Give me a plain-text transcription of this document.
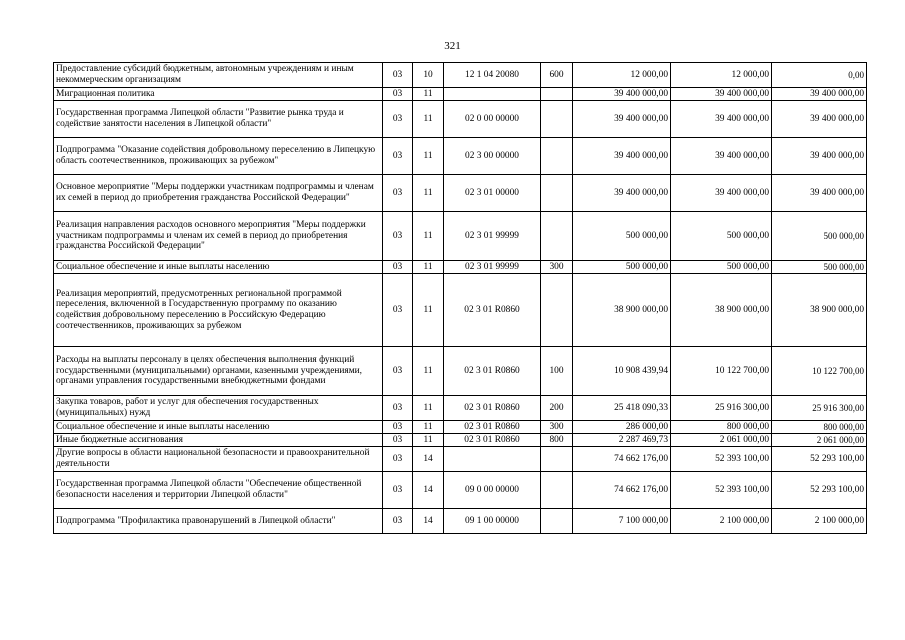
321
Предоставление субсидий бюджетным, автономным учреждениям и иным некоммерческим организациям	03	10	12 1 04 20080	600	12 000,00	12 000,00	0,00
Миграционная политика	03	11			39 400 000,00	39 400 000,00	39 400 000,00
Государственная программа Липецкой области "Развитие рынка труда и содействие занятости населения в Липецкой области"	03	11	02 0 00 00000		39 400 000,00	39 400 000,00	39 400 000,00
Подпрограмма "Оказание содействия добровольному переселению в Липецкую область соотечественников, проживающих за рубежом"	03	11	02 3 00 00000		39 400 000,00	39 400 000,00	39 400 000,00
Основное мероприятие "Меры поддержки участникам подпрограммы и членам их семей в период до приобретения гражданства Российской Федерации"	03	11	02 3 01 00000		39 400 000,00	39 400 000,00	39 400 000,00
Реализация направления расходов основного мероприятия "Меры поддержки участникам подпрограммы и членам их семей в период до приобретения гражданства Российской Федерации"	03	11	02 3 01 99999		500 000,00	500 000,00	500 000,00
Социальное обеспечение и иные выплаты населению	03	11	02 3 01 99999	300	500 000,00	500 000,00	500 000,00
Реализация мероприятий, предусмотренных региональной программой переселения, включенной в Государственную программу по оказанию содействия добровольному переселению в Российскую Федерацию соотечественников, проживающих за рубежом	03	11	02 3 01 R0860		38 900 000,00	38 900 000,00	38 900 000,00
Расходы на выплаты персоналу в целях обеспечения выполнения функций государственными (муниципальными) органами, казенными учреждениями, органами управления государственными внебюджетными фондами	03	11	02 3 01 R0860	100	10 908 439,94	10 122 700,00	10 122 700,00
Закупка товаров, работ и услуг для обеспечения государственных (муниципальных) нужд	03	11	02 3 01 R0860	200	25 418 090,33	25 916 300,00	25 916 300,00
Социальное обеспечение и иные выплаты населению	03	11	02 3 01 R0860	300	286 000,00	800 000,00	800 000,00
Иные бюджетные ассигнования	03	11	02 3 01 R0860	800	2 287 469,73	2 061 000,00	2 061 000,00
Другие вопросы в области национальной безопасности и правоохранительной деятельности	03	14			74 662 176,00	52 393 100,00	52 293 100,00
Государственная программа Липецкой области "Обеспечение общественной безопасности населения и территории Липецкой области"	03	14	09 0 00 00000		74 662 176,00	52 393 100,00	52 293 100,00
Подпрограмма "Профилактика правонарушений в Липецкой области"	03	14	09 1 00 00000		7 100 000,00	2 100 000,00	2 100 000,00
